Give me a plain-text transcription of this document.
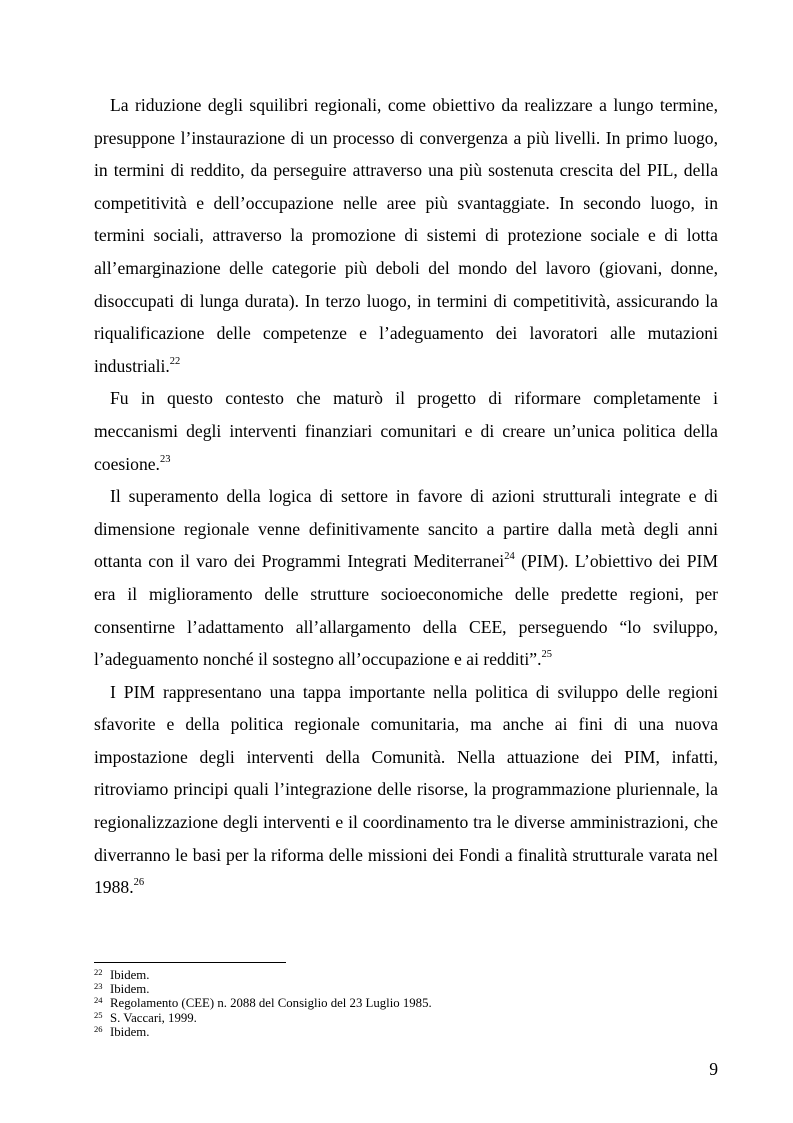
La riduzione degli squilibri regionali, come obiettivo da realizzare a lungo termine, presuppone l’instaurazione di un processo di convergenza a più livelli. In primo luogo, in termini di reddito, da perseguire attraverso una più sostenuta crescita del PIL, della competitività e dell’occupazione nelle aree più svantaggiate. In secondo luogo, in termini sociali, attraverso la promozione di sistemi di protezione sociale e di lotta all’emarginazione delle categorie più deboli del mondo del lavoro (giovani, donne, disoccupati di lunga durata). In terzo luogo, in termini di competitività, assicurando la riqualificazione delle competenze e l’adeguamento dei lavoratori alle mutazioni industriali.$^{22}$

Fu in questo contesto che maturò il progetto di riformare completamente i meccanismi degli interventi finanziari comunitari e di creare un’unica politica della coesione.$^{23}$

Il superamento della logica di settore in favore di azioni strutturali integrate e di dimensione regionale venne definitivamente sancito a partire dalla metà degli anni ottanta con il varo dei Programmi Integrati Mediterranei$^{24}$ (PIM). L’obiettivo dei PIM era il miglioramento delle strutture socioeconomiche delle predette regioni, per consentirne l’adattamento all’allargamento della CEE, perseguendo “lo sviluppo, l’adeguamento nonché il sostegno all’occupazione e ai redditi”.$^{25}$

I PIM rappresentano una tappa importante nella politica di sviluppo delle regioni sfavorite e della politica regionale comunitaria, ma anche ai fini di una nuova impostazione degli interventi della Comunità. Nella attuazione dei PIM, infatti, ritroviamo principi quali l’integrazione delle risorse, la programmazione pluriennale, la regionalizzazione degli interventi e il coordinamento tra le diverse amministrazioni, che diverranno le basi per la riforma delle missioni dei Fondi a finalità strutturale varata nel 1988.26

22 Ibidem.
23 Ibidem.
24 Regolamento (CEE) n. 2088 del Consiglio del 23 Luglio 1985.
25 S. Vaccari, 1999.
26 Ibidem.
9
